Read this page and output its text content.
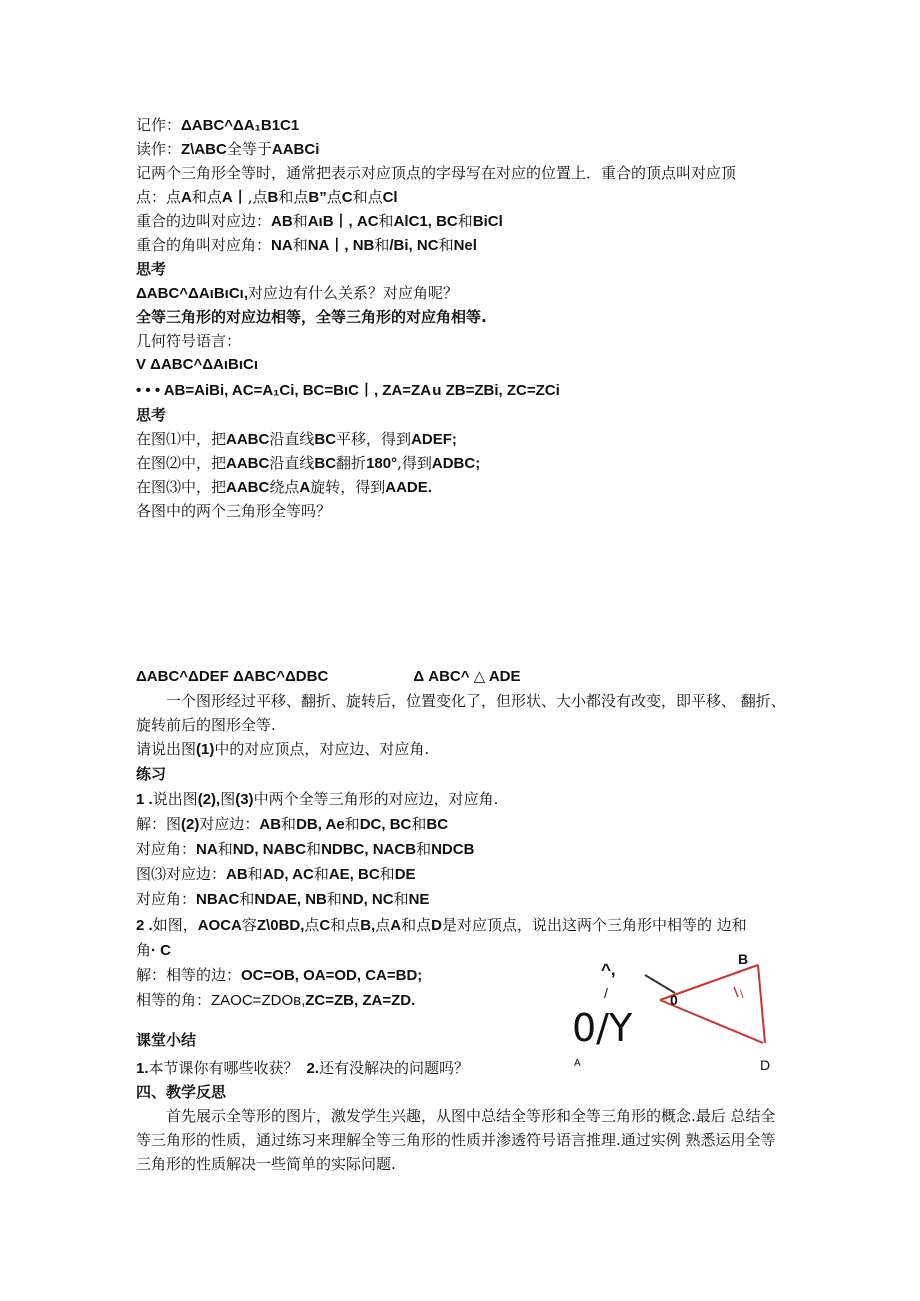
记作：ΔABC^ΔA₁B1C1
读作：Z\ABC全等于AABCi
记两个三角形全等时，通常把表示对应顶点的字母写在对应的位置上．重合的顶点叫对应顶
点：点A和点A丨,点B和点B”点C和点Cl
重合的边叫对应边：AB和AιB丨, AC和AlC1, BC和BiCl
重合的角叫对应角：NA和NA丨, NB和/Bi, NC和Nel
思考
ΔABC^ΔAιBιCι,对应边有什么关系？对应角呢？
全等三角形的对应边相等，全等三角形的对应角相等.
几何符号语言：
V ΔABC^ΔAιBιCι
• • • AB=AiBi, AC=A₁Ci, BC=BιC丨, ZA=ZA u ZB=ZBi, ZC=ZCi
思考
在图⑴中，把AABC沿直线BC平移，得到ADEF;
在图⑵中，把AABC沿直线BC翻折180°,得到ADBC;
在图⑶中，把AABC绕点A旋转，得到AADE.
各图中的两个三角形全等吗？
ΔABC^ΔDEF ΔABC^ΔDBC	Δ ABC^ △ ADE
一个图形经过平移、翻折、旋转后，位置变化了，但形状、大小都没有改变，即平移、 翻折、旋转前后的图形全等.
请说出图(1)中的对应顶点，对应边、对应角.
练习
1 .说出图(2),图(3)中两个全等三角形的对应边，对应角.
解：图(2)对应边：AB和DB, Ae和DC, BC和BC
对应角：NA和ND, NABC和NDBC, NACB和NDCB
图⑶对应边：AB和AD, AC和AE, BC和DE
对应角：NBAC和NDAE, NB和ND, NC和NE
2 .如图，AOCA容Z\0BD,点C和点B,点A和点D是对应顶点，说出这两个三角形中相等的 边和
角· C
解：相等的边：OC=OB, OA=OD, CA=BD;
相等的角：ZAOC=ZDOв,ZC=ZB, ZA=ZD.
课堂小结
1.本节课你有哪些收获？ 2.还有没解决的问题吗？
四、教学反思
首先展示全等形的图片，激发学生兴趣，从图中总结全等形和全等三角形的概念.最后 总结全等三角形的性质，通过练习来理解全等三角形的性质并渗透符号语言推理.通过实例 熟悉运用全等三角形的性质解决一些简单的实际问题.
^,
/
B
0	\
0/Y
A	D
